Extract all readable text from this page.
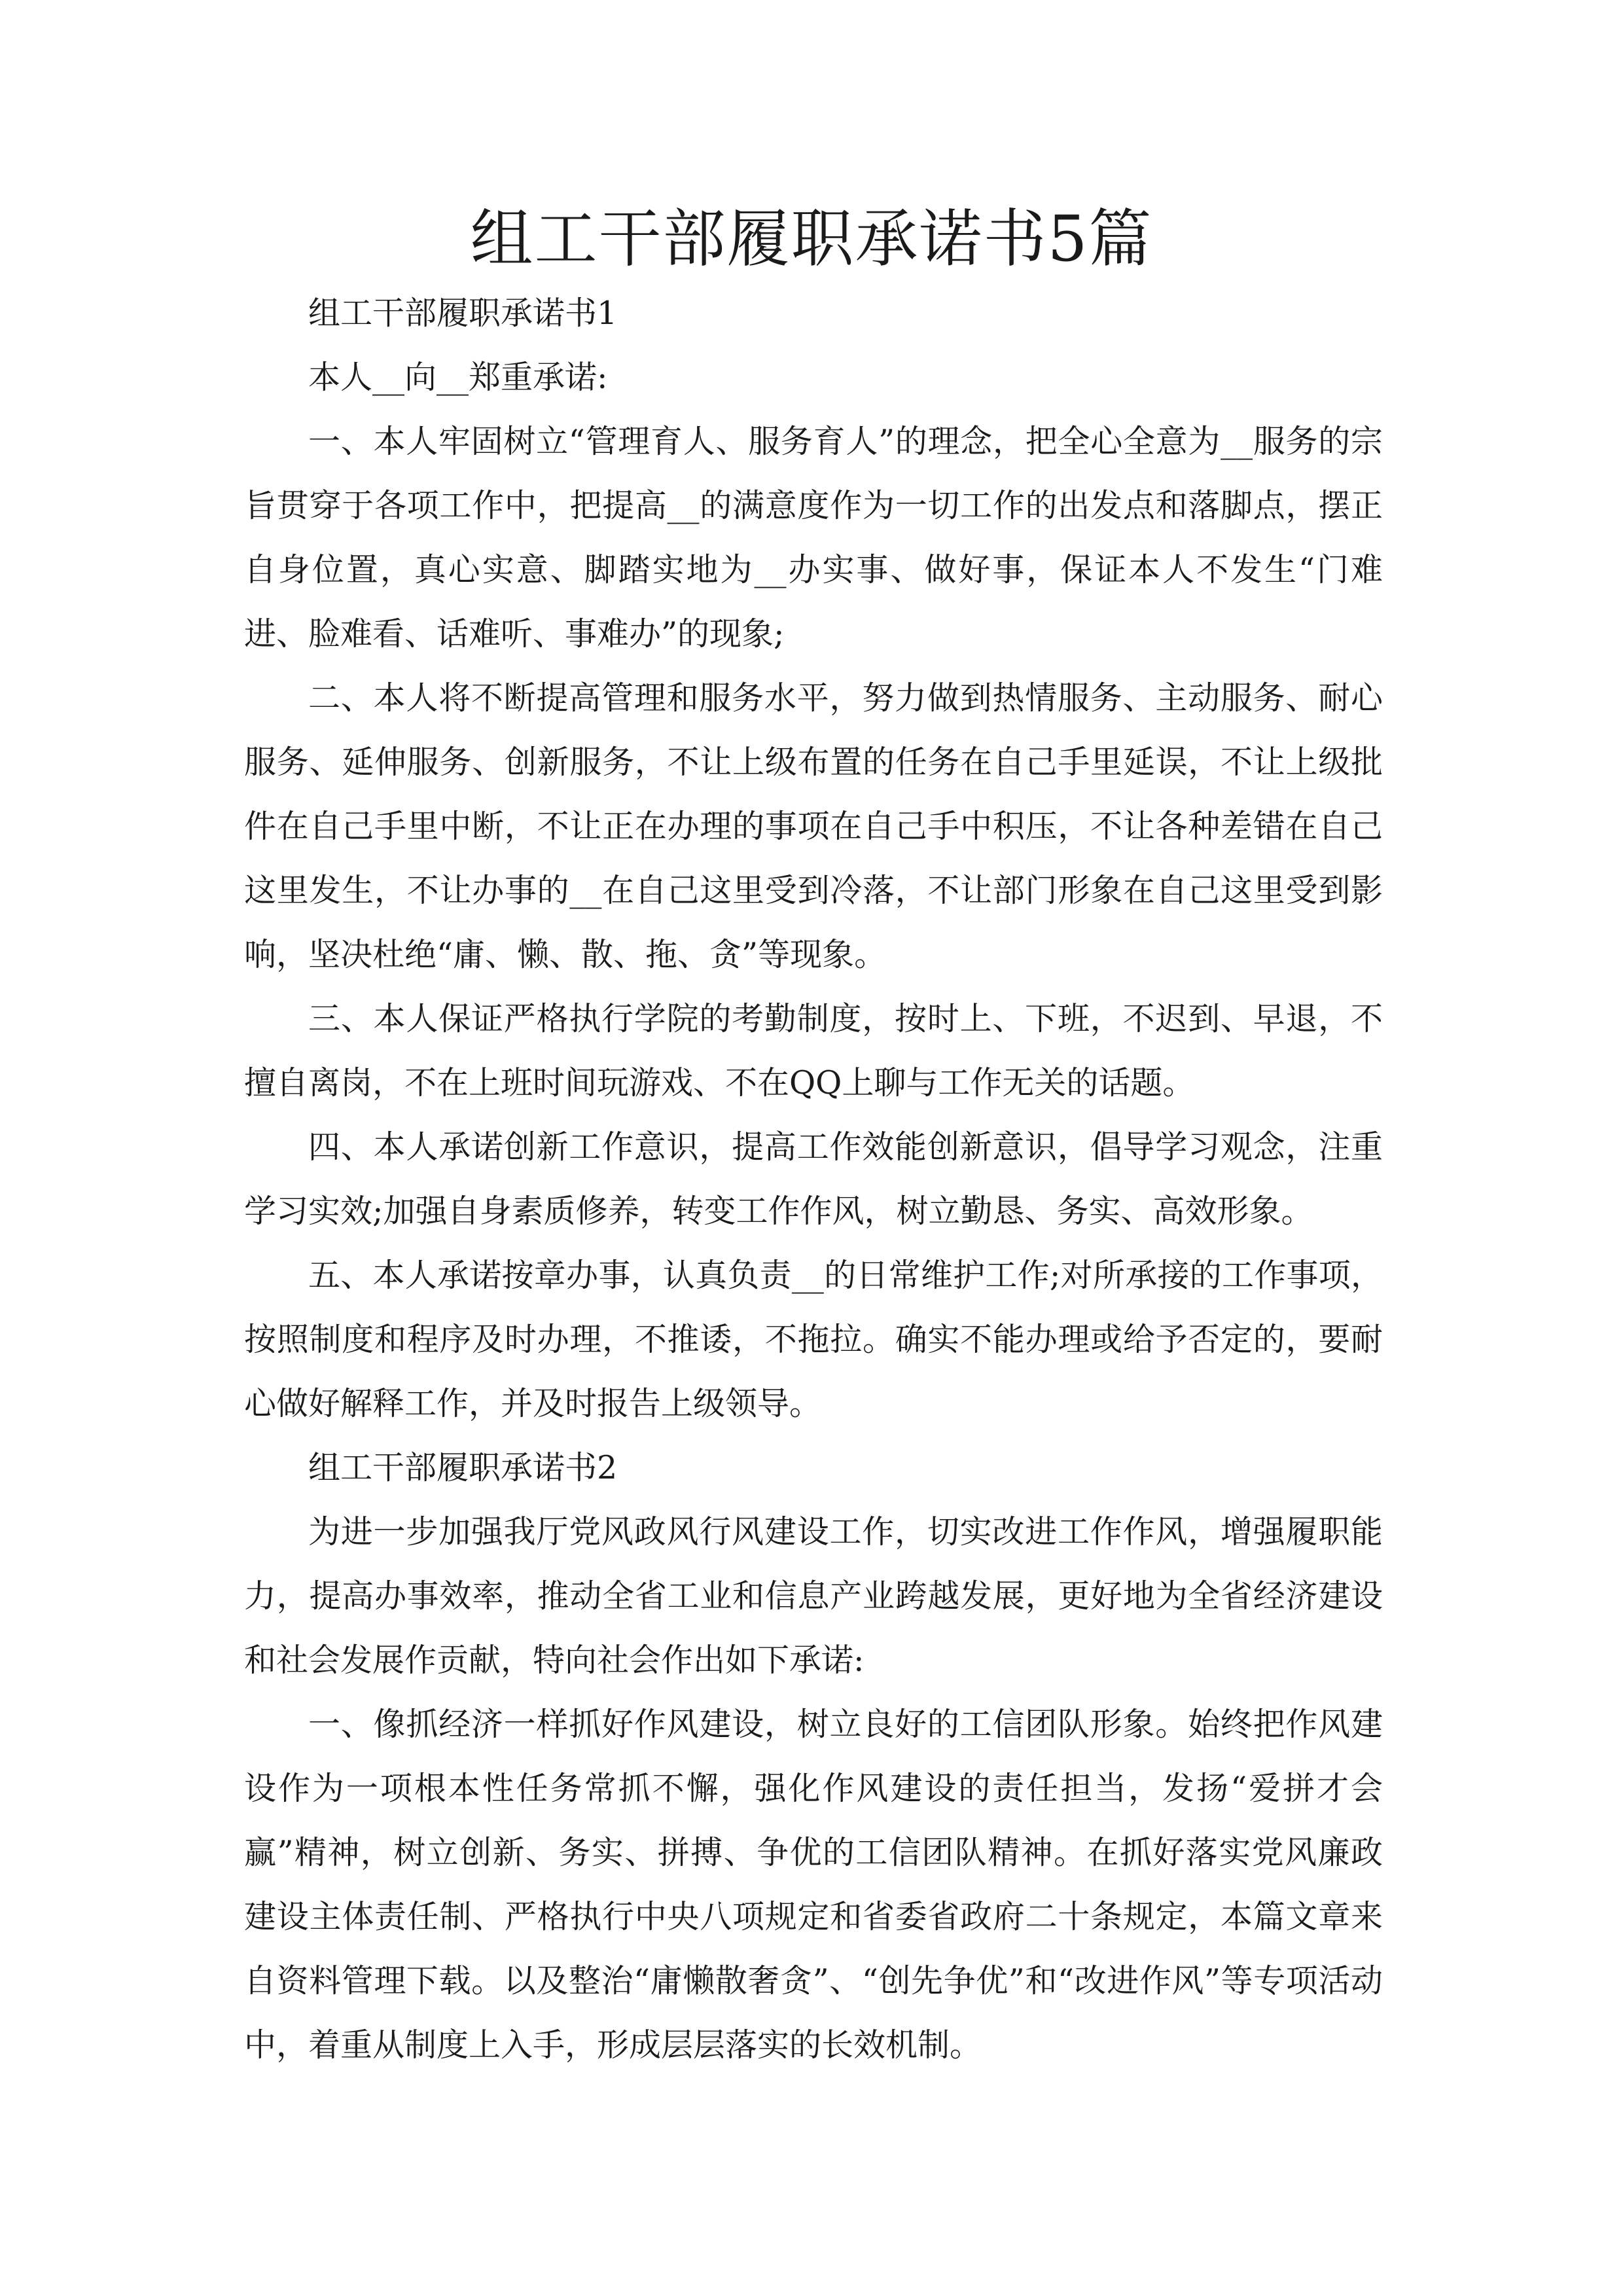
组工干部履职承诺书5篇

组工干部履职承诺书1

本人__向__郑重承诺:

一、本人牢固树立“管理育人、服务育人”的理念，把全心全意为__服务的宗旨贯穿于各项工作中，把提高__的满意度作为一切工作的出发点和落脚点，摆正自身位置，真心实意、脚踏实地为__办实事、做好事，保证本人不发生“门难进、脸难看、话难听、事难办”的现象;

二、本人将不断提高管理和服务水平，努力做到热情服务、主动服务、耐心服务、延伸服务、创新服务，不让上级布置的任务在自己手里延误，不让上级批件在自己手里中断，不让正在办理的事项在自己手中积压，不让各种差错在自己这里发生，不让办事的__在自己这里受到冷落，不让部门形象在自己这里受到影响，坚决杜绝“庸、懒、散、拖、贪”等现象。

三、本人保证严格执行学院的考勤制度，按时上、下班，不迟到、早退，不擅自离岗，不在上班时间玩游戏、不在QQ上聊与工作无关的话题。

四、本人承诺创新工作意识，提高工作效能创新意识，倡导学习观念，注重学习实效;加强自身素质修养，转变工作作风，树立勤恳、务实、高效形象。

五、本人承诺按章办事，认真负责__的日常维护工作;对所承接的工作事项，按照制度和程序及时办理，不推诿，不拖拉。确实不能办理或给予否定的，要耐心做好解释工作，并及时报告上级领导。

组工干部履职承诺书2

为进一步加强我厅党风政风行风建设工作，切实改进工作作风，增强履职能力，提高办事效率，推动全省工业和信息产业跨越发展，更好地为全省经济建设和社会发展作贡献，特向社会作出如下承诺:

一、像抓经济一样抓好作风建设，树立良好的工信团队形象。始终把作风建设作为一项根本性任务常抓不懈，强化作风建设的责任担当，发扬“爱拼才会赢”精神，树立创新、务实、拼搏、争优的工信团队精神。在抓好落实党风廉政建设主体责任制、严格执行中央八项规定和省委省政府二十条规定，本篇文章来自资料管理下载。以及整治“庸懒散奢贪”、“创先争优”和“改进作风”等专项活动中，着重从制度上入手，形成层层落实的长效机制。
